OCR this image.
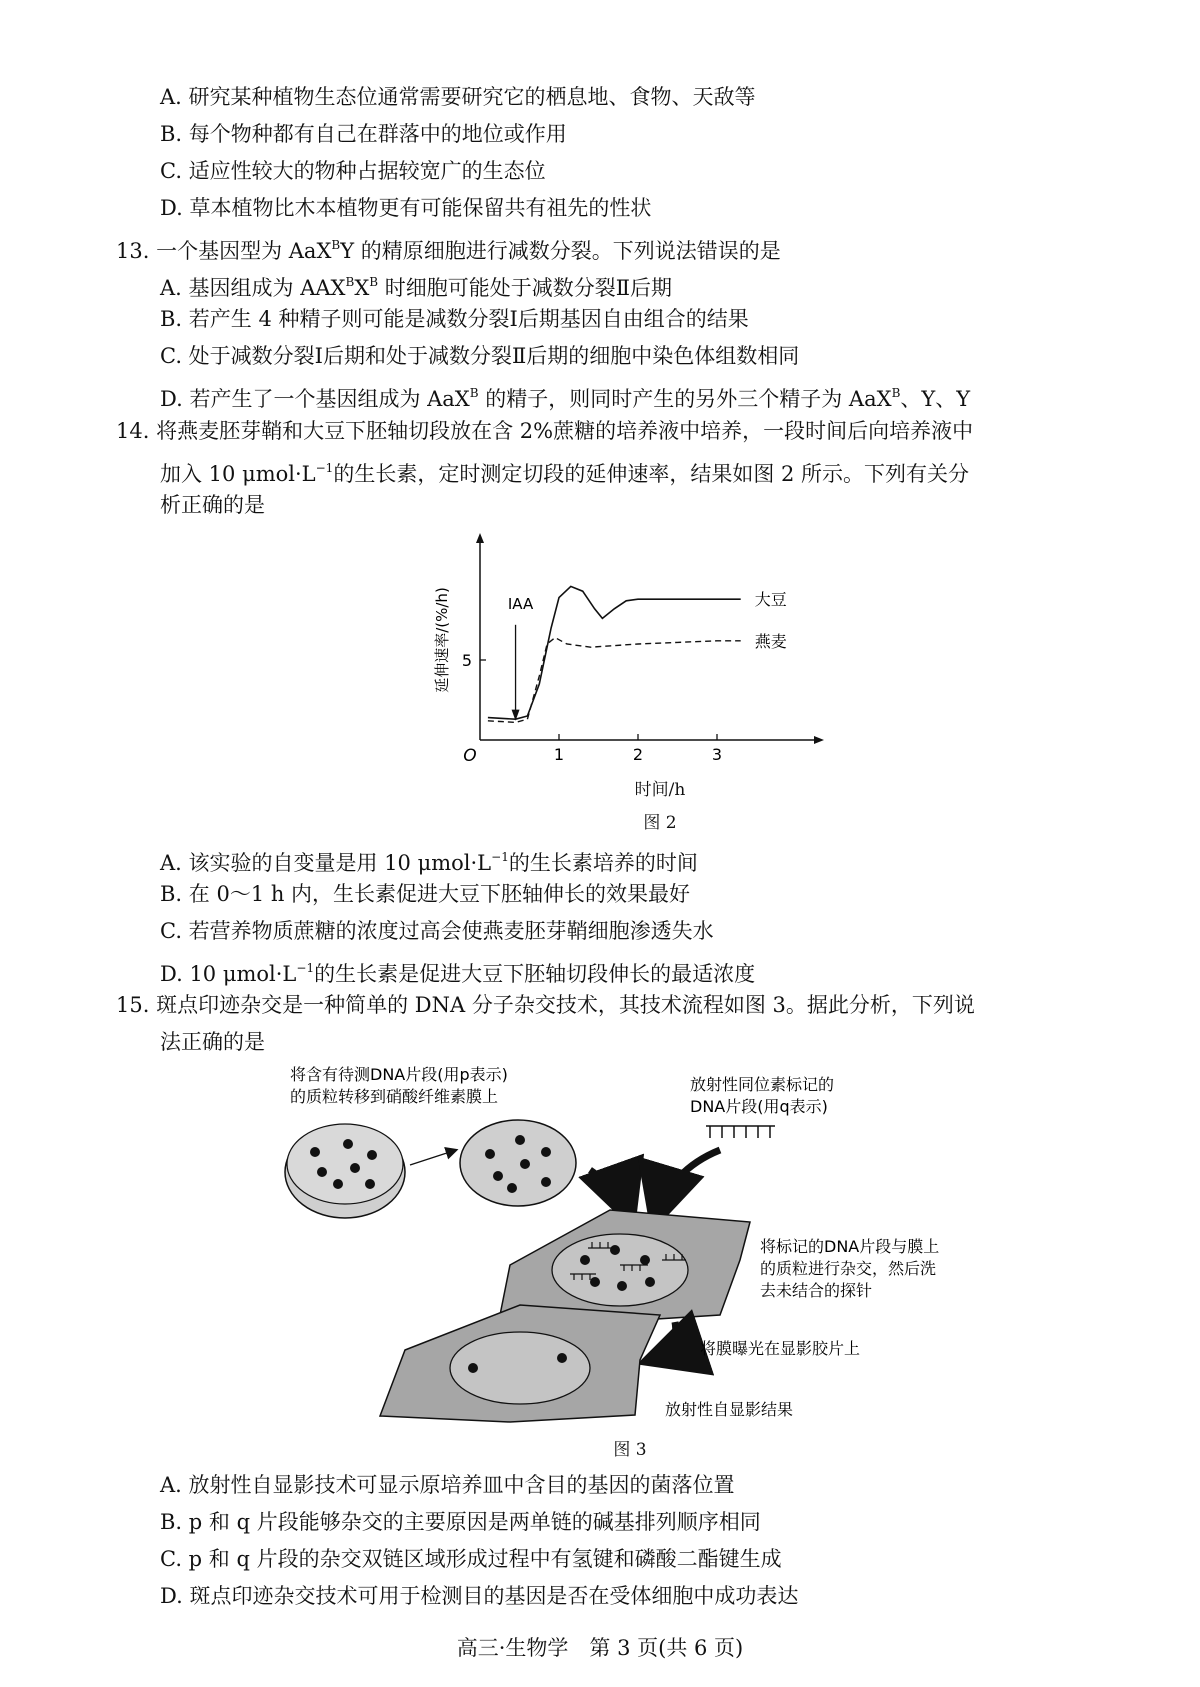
A. 研究某种植物生态位通常需要研究它的栖息地、食物、天敌等
B. 每个物种都有自己在群落中的地位或作用
C. 适应性较大的物种占据较宽广的生态位
D. 草本植物比木本植物更有可能保留共有祖先的性状
13. 一个基因型为 AaX$^B$Y 的精原细胞进行减数分裂。下列说法错误的是
A. 基因组成为 $AAX^BX^B$ 时细胞可能处于减数分裂Ⅱ后期
B. 若产生 4 种精子则可能是减数分裂Ⅰ后期基因自由组合的结果
C. 处于减数分裂Ⅰ后期和处于减数分裂Ⅱ后期的细胞中染色体组数相同
D. 若产生了一个基因组成为 AaX$^B$ 的精子，则同时产生的另外三个精子为 AaX$^B$、Y、Y
14. 将燕麦胚芽鞘和大豆下胚轴切段放在含 2%蔗糖的培养液中培养，一段时间后向培养液中
加入 10 $\mu mol\cdot L^{-1}$的生长素，定时测定切段的延伸速率，结果如图 2 所示。下列有关分
析正确的是
O
延伸速率/(%/h)
1	2	3
5
大豆
燕麦
IAA
时间/h
图 2
A. 该实验的自变量是用 10 $\mu mol\cdot L^{-1}$的生长素培养的时间
B. 在 0～1 h 内，生长素促进大豆下胚轴伸长的效果最好
C. 若营养物质蔗糖的浓度过高会使燕麦胚芽鞘细胞渗透失水
D. 10 $\mu mol\cdot L^{-1}$的生长素是促进大豆下胚轴切段伸长的最适浓度
15. 斑点印迹杂交是一种简单的 DNA 分子杂交技术，其技术流程如图 3。据此分析，下列说
法正确的是
将含有待测DNA片段(用p表示)
的质粒转移到硝酸纤维素膜上
放射性同位素标记的
DNA片段(用q表示)
将标记的DNA片段与膜上
的质粒进行杂交，然后洗
去未结合的探针
将膜曝光在显影胶片上
放射性自显影结果
图 3
A. 放射性自显影技术可显示原培养皿中含目的基因的菌落位置
B. p 和 q 片段能够杂交的主要原因是两单链的碱基排列顺序相同
C. p 和 q 片段的杂交双链区域形成过程中有氢键和磷酸二酯键生成
D. 斑点印迹杂交技术可用于检测目的基因是否在受体细胞中成功表达
高三·生物学　第 3 页(共 6 页)
